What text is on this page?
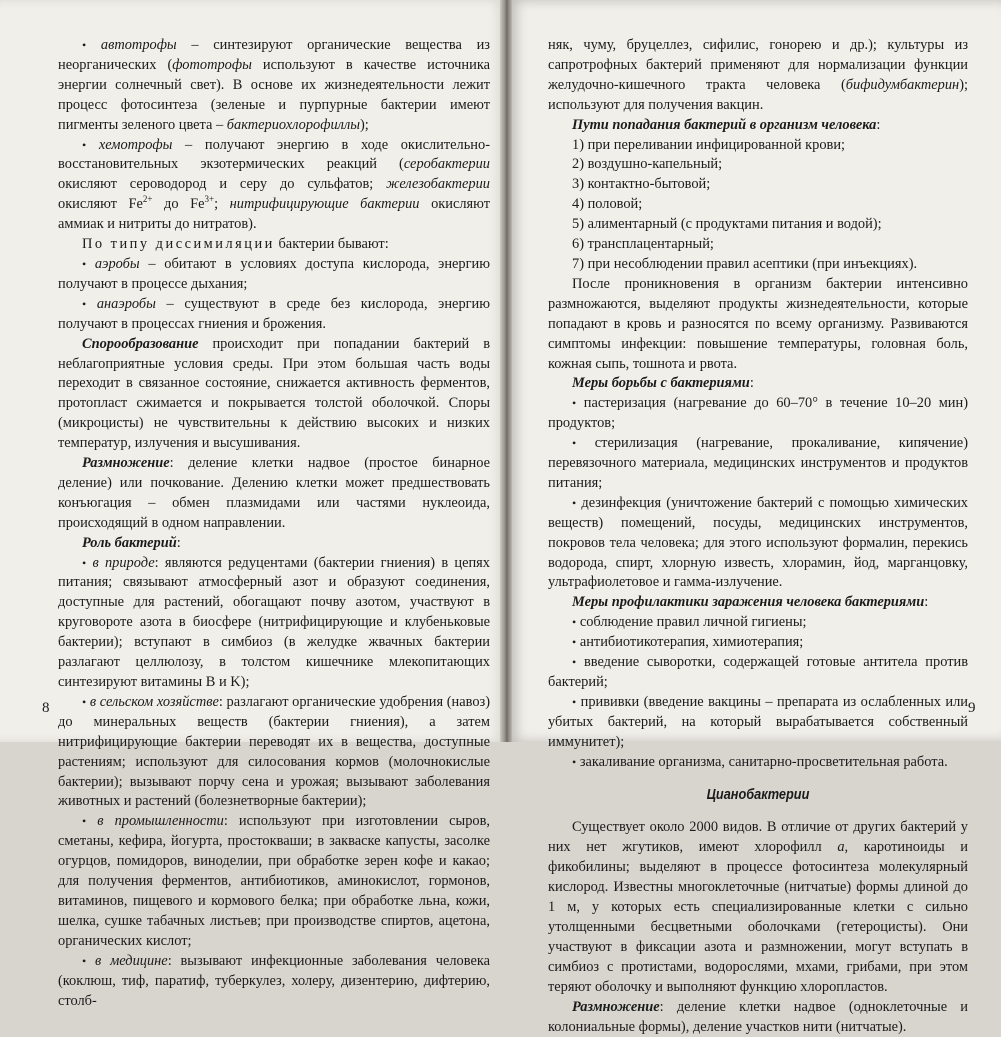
• автотрофы – синтезируют органические вещества из неорганических (фототрофы используют в качестве источника энергии солнечный свет). В основе их жизнедеятельности лежит процесс фотосинтеза (зеленые и пурпурные бактерии имеют пигменты зеленого цвета – бактериохлорофиллы);

• хемотрофы – получают энергию в ходе окислительно-восстановительных экзотермических реакций (серобактерии окисляют сероводород и серу до сульфатов; железобактерии окисляют $Fe^{2+}$ до $Fe^{3+}$; нитрифицирующие бактерии окисляют аммиак и нитриты до нитратов).

По типу диссимиляции бактерии бывают:

• аэробы – обитают в условиях доступа кислорода, энергию получают в процессе дыхания;

• анаэробы – существуют в среде без кислорода, энергию получают в процессах гниения и брожения.

Спорообразование происходит при попадании бактерий в неблагоприятные условия среды. При этом большая часть воды переходит в связанное состояние, снижается активность ферментов, протопласт сжимается и покрывается толстой оболочкой. Споры (микроцисты) не чувствительны к действию высоких и низких температур, излучения и высушивания.

Размножение: деление клетки надвое (простое бинарное деление) или почкование. Делению клетки может предшествовать конъюгация – обмен плазмидами или частями нуклеоида, происходящий в одном направлении.

Роль бактерий:

• в природе: являются редуцентами (бактерии гниения) в цепях питания; связывают атмосферный азот и образуют соединения, доступные для растений, обогащают почву азотом, участвуют в круговороте азота в биосфере (нитрифицирующие и клубеньковые бактерии); вступают в симбиоз (в желудке жвачных бактерии разлагают целлюлозу, в толстом кишечнике млекопитающих синтезируют витамины B и K);

• в сельском хозяйстве: разлагают органические удобрения (навоз) до минеральных веществ (бактерии гниения), а затем нитрифицирующие бактерии переводят их в вещества, доступные растениям; используют для силосования кормов (молочнокислые бактерии); вызывают порчу сена и урожая; вызывают заболевания животных и растений (болезнетворные бактерии);

• в промышленности: используют при изготовлении сыров, сметаны, кефира, йогурта, простокваши; в закваске капусты, засолке огурцов, помидоров, виноделии, при обработке зерен кофе и какао; для получения ферментов, антибиотиков, аминокислот, гормонов, витаминов, пищевого и кормового белка; при обработке льна, кожи, шелка, сушке табачных листьев; при производстве спиртов, ацетона, органических кислот;

• в медицине: вызывают инфекционные заболевания человека (коклюш, тиф, паратиф, туберкулез, холеру, дизентерию, дифтерию, столб-

8

няк, чуму, бруцеллез, сифилис, гонорею и др.); культуры из сапротрофных бактерий применяют для нормализации функции желудочно-кишечного тракта человека (бифидумбактерин); используют для получения вакцин.

Пути попадания бактерий в организм человека:

1) при переливании инфицированной крови;

2) воздушно-капельный;

3) контактно-бытовой;

4) половой;

5) алиментарный (с продуктами питания и водой);

6) трансплацентарный;

7) при несоблюдении правил асептики (при инъекциях).

После проникновения в организм бактерии интенсивно размножаются, выделяют продукты жизнедеятельности, которые попадают в кровь и разносятся по всему организму. Развиваются симптомы инфекции: повышение температуры, головная боль, кожная сыпь, тошнота и рвота.

Меры борьбы с бактериями:

• пастеризация (нагревание до 60–70° в течение 10–20 мин) продуктов;

• стерилизация (нагревание, прокаливание, кипячение) перевязочного материала, медицинских инструментов и продуктов питания;

• дезинфекция (уничтожение бактерий с помощью химических веществ) помещений, посуды, медицинских инструментов, покровов тела человека; для этого используют формалин, перекись водорода, спирт, хлорную известь, хлорамин, йод, марганцовку, ультрафиолетовое и гамма-излучение.

Меры профилактики заражения человека бактериями:

• соблюдение правил личной гигиены;

• антибиотикотерапия, химиотерапия;

• введение сыворотки, содержащей готовые антитела против бактерий;

• прививки (введение вакцины – препарата из ослабленных или убитых бактерий, на который вырабатывается собственный иммунитет);

• закаливание организма, санитарно-просветительная работа.

Цианобактерии

Существует около 2000 видов. В отличие от других бактерий у них нет жгутиков, имеют хлорофилл a, каротиноиды и фикобилины; выделяют в процессе фотосинтеза молекулярный кислород. Известны многоклеточные (нитчатые) формы длиной до 1 м, у которых есть специализированные клетки с сильно утолщенными бесцветными оболочками (гетероцисты). Они участвуют в фиксации азота и размножении, могут вступать в симбиоз с протистами, водорослями, мхами, грибами, при этом теряют оболочку и выполняют функцию хлоропластов.

Размножение: деление клетки надвое (одноклеточные и колониальные формы), деление участков нити (нитчатые).

9
